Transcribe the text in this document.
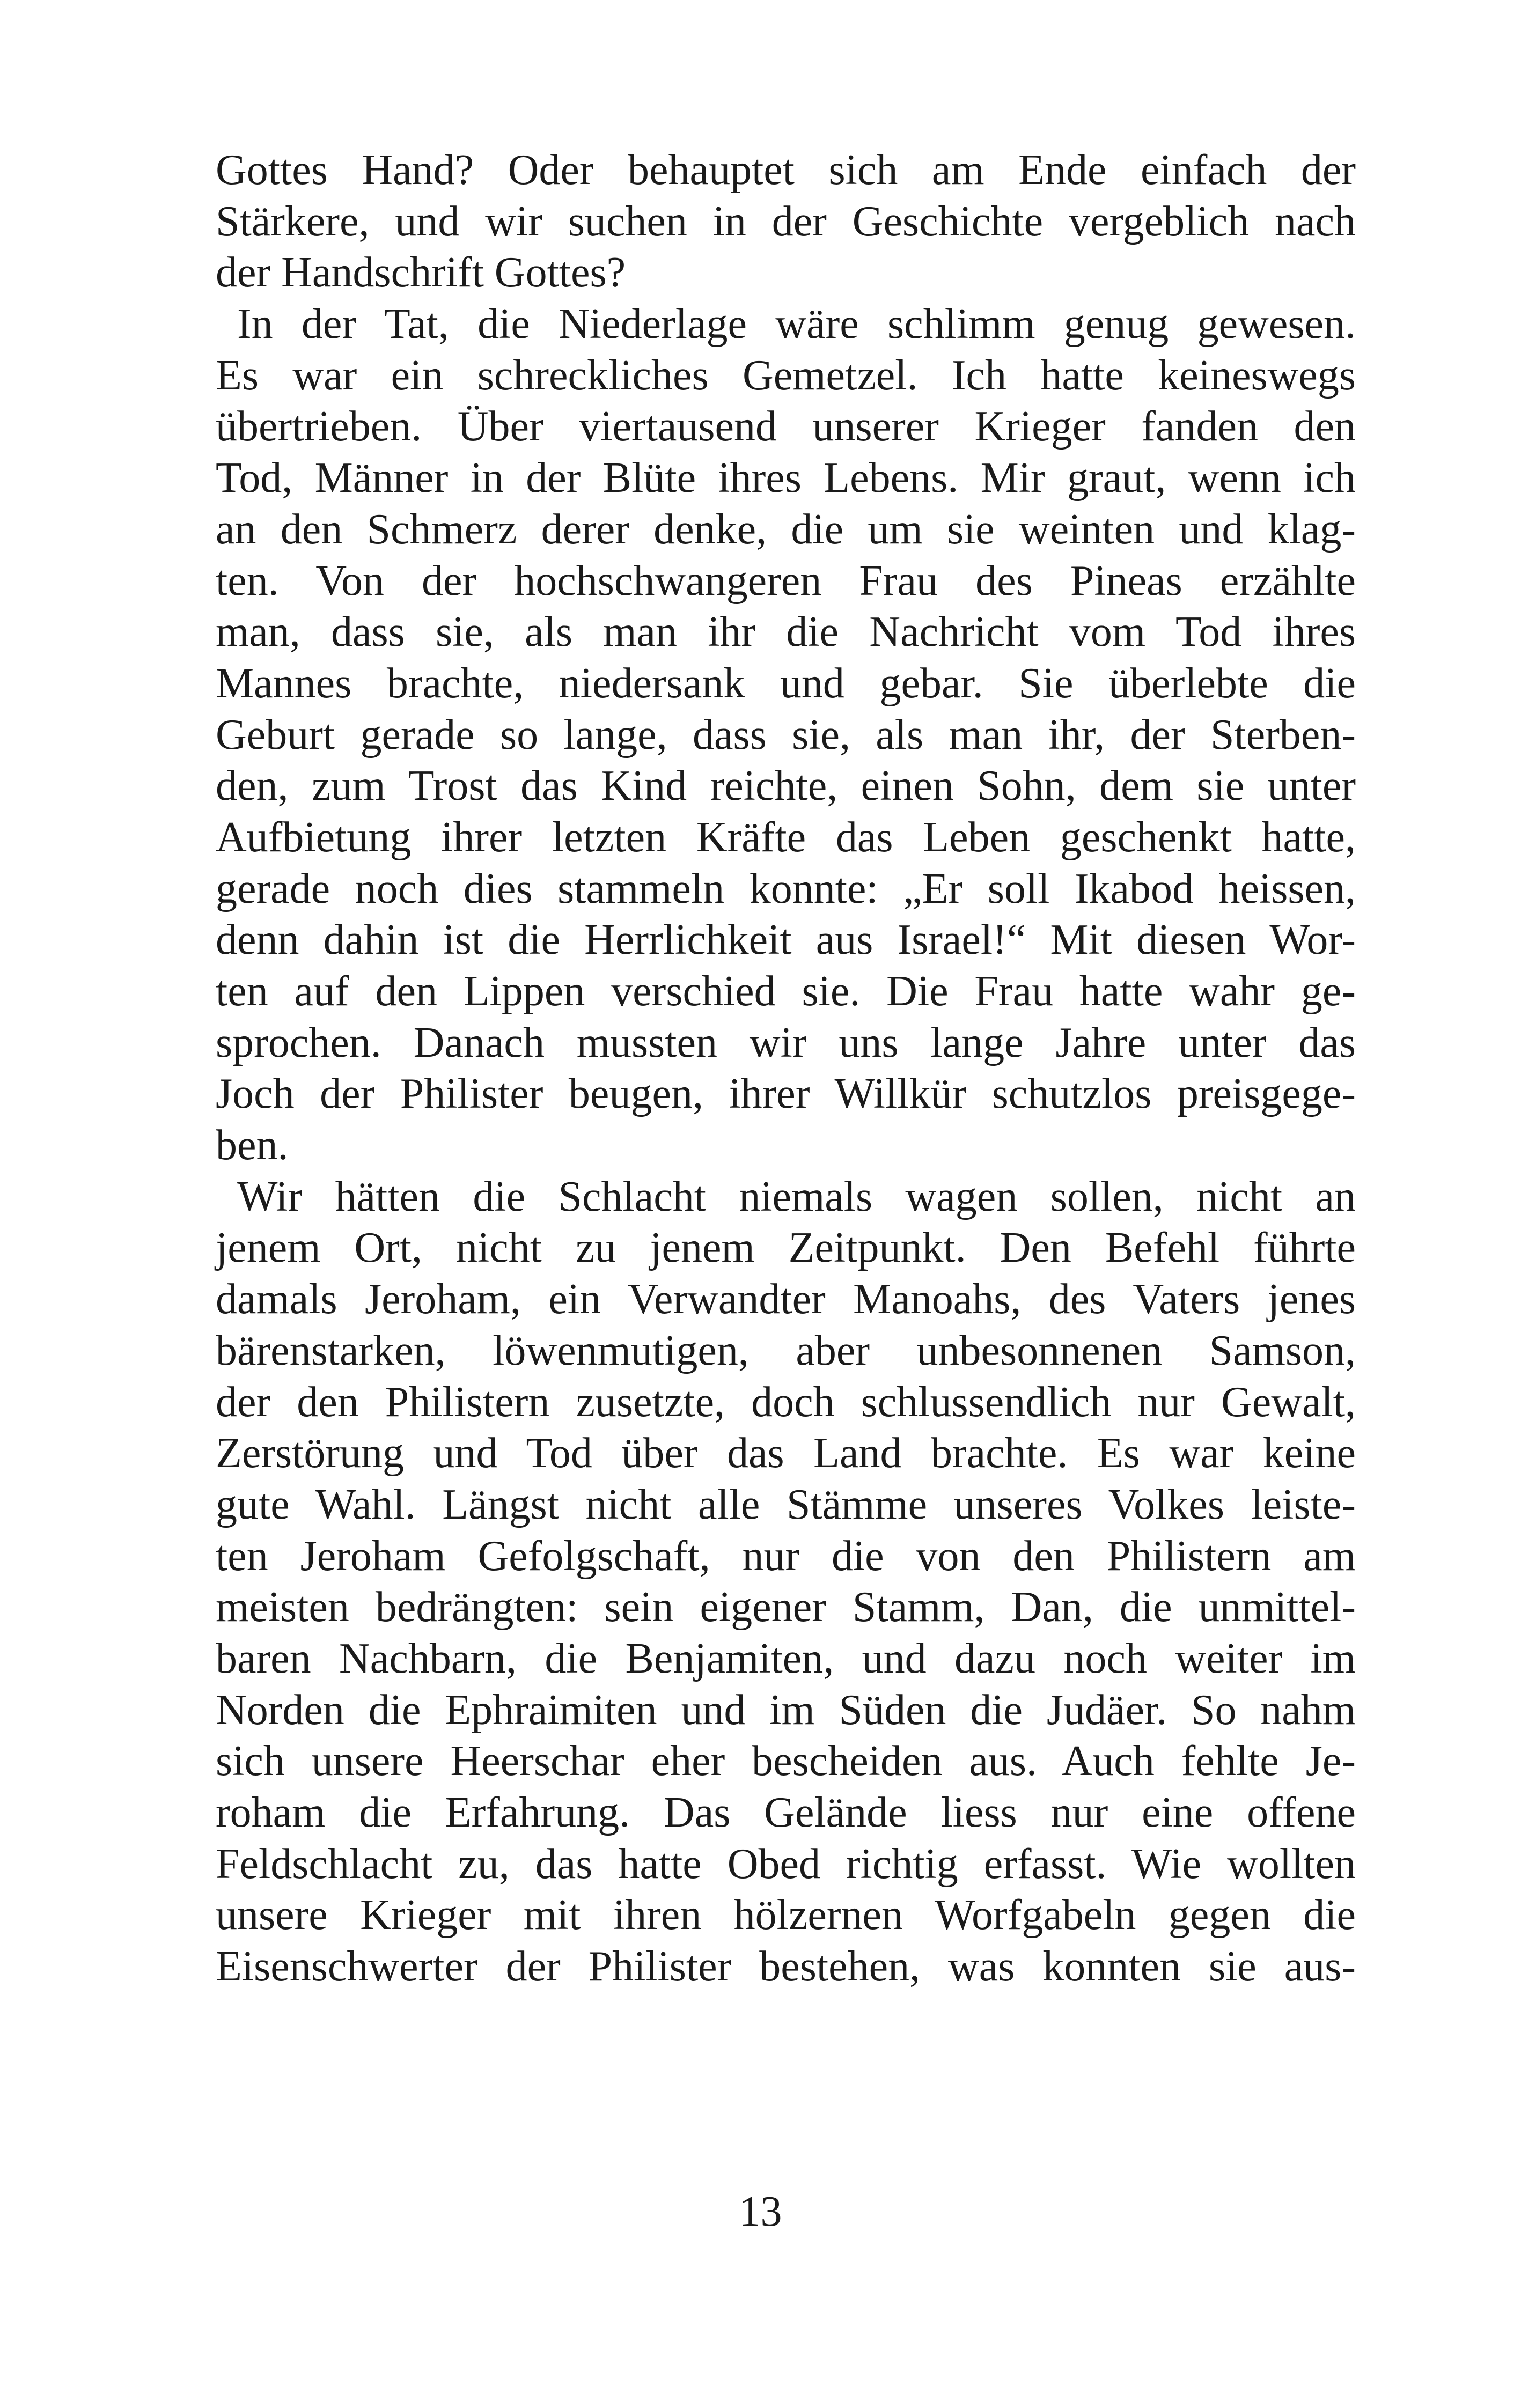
Gottes Hand? Oder behauptet sich am Ende einfach der
Stärkere, und wir suchen in der Geschichte vergeblich nach
der Handschrift Gottes?
In der Tat, die Niederlage wäre schlimm genug gewesen.
Es war ein schreckliches Gemetzel. Ich hatte keineswegs
übertrieben. Über viertausend unserer Krieger fanden den
Tod, Männer in der Blüte ihres Lebens. Mir graut, wenn ich
an den Schmerz derer denke, die um sie weinten und klag-
ten. Von der hochschwangeren Frau des Pineas erzählte
man, dass sie, als man ihr die Nachricht vom Tod ihres
Mannes brachte, niedersank und gebar. Sie überlebte die
Geburt gerade so lange, dass sie, als man ihr, der Sterben-
den, zum Trost das Kind reichte, einen Sohn, dem sie unter
Aufbietung ihrer letzten Kräfte das Leben geschenkt hatte,
gerade noch dies stammeln konnte: „Er soll Ikabod heissen,
denn dahin ist die Herrlichkeit aus Israel!“ Mit diesen Wor-
ten auf den Lippen verschied sie. Die Frau hatte wahr ge-
sprochen. Danach mussten wir uns lange Jahre unter das
Joch der Philister beugen, ihrer Willkür schutzlos preisgege-
ben.
Wir hätten die Schlacht niemals wagen sollen, nicht an
jenem Ort, nicht zu jenem Zeitpunkt. Den Befehl führte
damals Jeroham, ein Verwandter Manoahs, des Vaters jenes
bärenstarken, löwenmutigen, aber unbesonnenen Samson,
der den Philistern zusetzte, doch schlussendlich nur Gewalt,
Zerstörung und Tod über das Land brachte. Es war keine
gute Wahl. Längst nicht alle Stämme unseres Volkes leiste-
ten Jeroham Gefolgschaft, nur die von den Philistern am
meisten bedrängten: sein eigener Stamm, Dan, die unmittel-
baren Nachbarn, die Benjamiten, und dazu noch weiter im
Norden die Ephraimiten und im Süden die Judäer. So nahm
sich unsere Heerschar eher bescheiden aus. Auch fehlte Je-
roham die Erfahrung. Das Gelände liess nur eine offene
Feldschlacht zu, das hatte Obed richtig erfasst. Wie wollten
unsere Krieger mit ihren hölzernen Worfgabeln gegen die
Eisenschwerter der Philister bestehen, was konnten sie aus-
13
